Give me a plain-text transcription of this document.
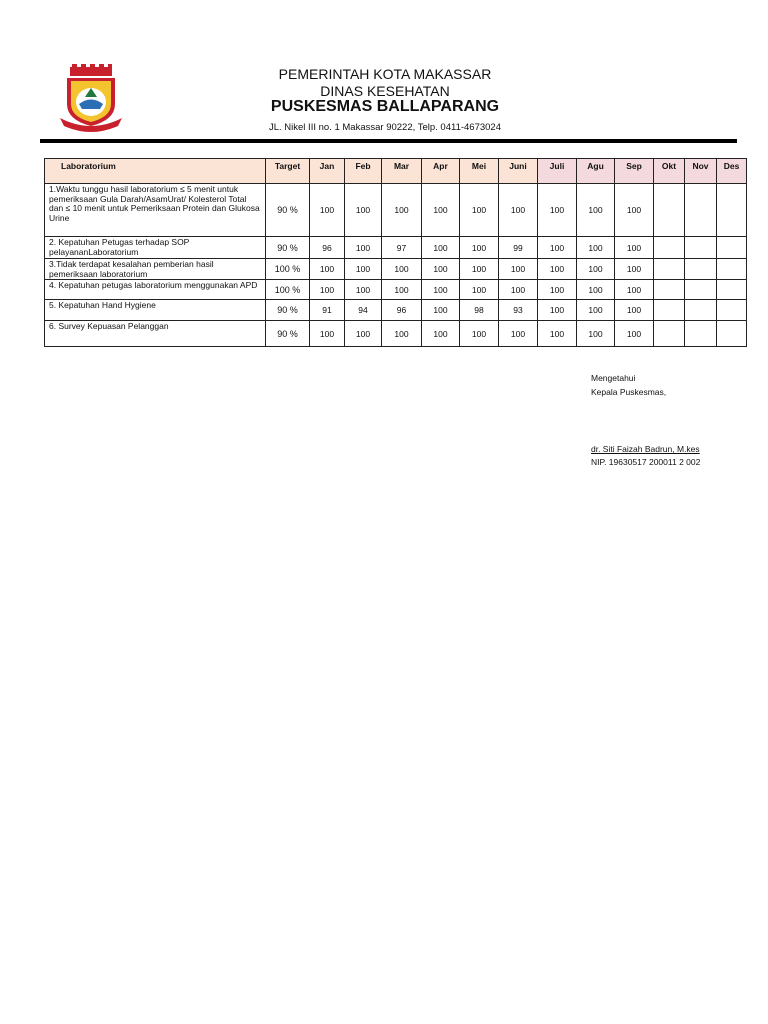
PEMERINTAH KOTA MAKASSAR
DINAS KESEHATAN
PUSKESMAS BALLAPARANG
JL. Nikel III no. 1 Makassar 90222, Telp. 0411-4673024
Laboratorium	Target	Jan	Feb	Mar	Apr	Mei	Juni	Juli	Agu	Sep	Okt	Nov	Des
1.Waktu tunggu hasil laboratorium ≤ 5 menit untuk pemeriksaan Gula Darah/AsamUrat/ Kolesterol Total dan ≤ 10 menit untuk Pemeriksaan Protein dan Glukosa Urine	90 %	100	100	100	100	100	100	100	100	100			
2. Kepatuhan Petugas terhadap SOP pelayananLaboratorium	90 %	96	100	97	100	100	99	100	100	100			
3.Tidak terdapat kesalahan pemberian hasil pemeriksaan laboratorium	100 %	100	100	100	100	100	100	100	100	100			
4. Kepatuhan petugas laboratorium menggunakan APD	100 %	100	100	100	100	100	100	100	100	100			
5. Kepatuhan Hand Hygiene	90 %	91	94	96	100	98	93	100	100	100			
6. Survey Kepuasan Pelanggan	90 %	100	100	100	100	100	100	100	100	100			
Mengetahui
Kepala Puskesmas,
dr. Siti Faizah Badrun, M.kes
NIP. 19630517 200011 2 002
